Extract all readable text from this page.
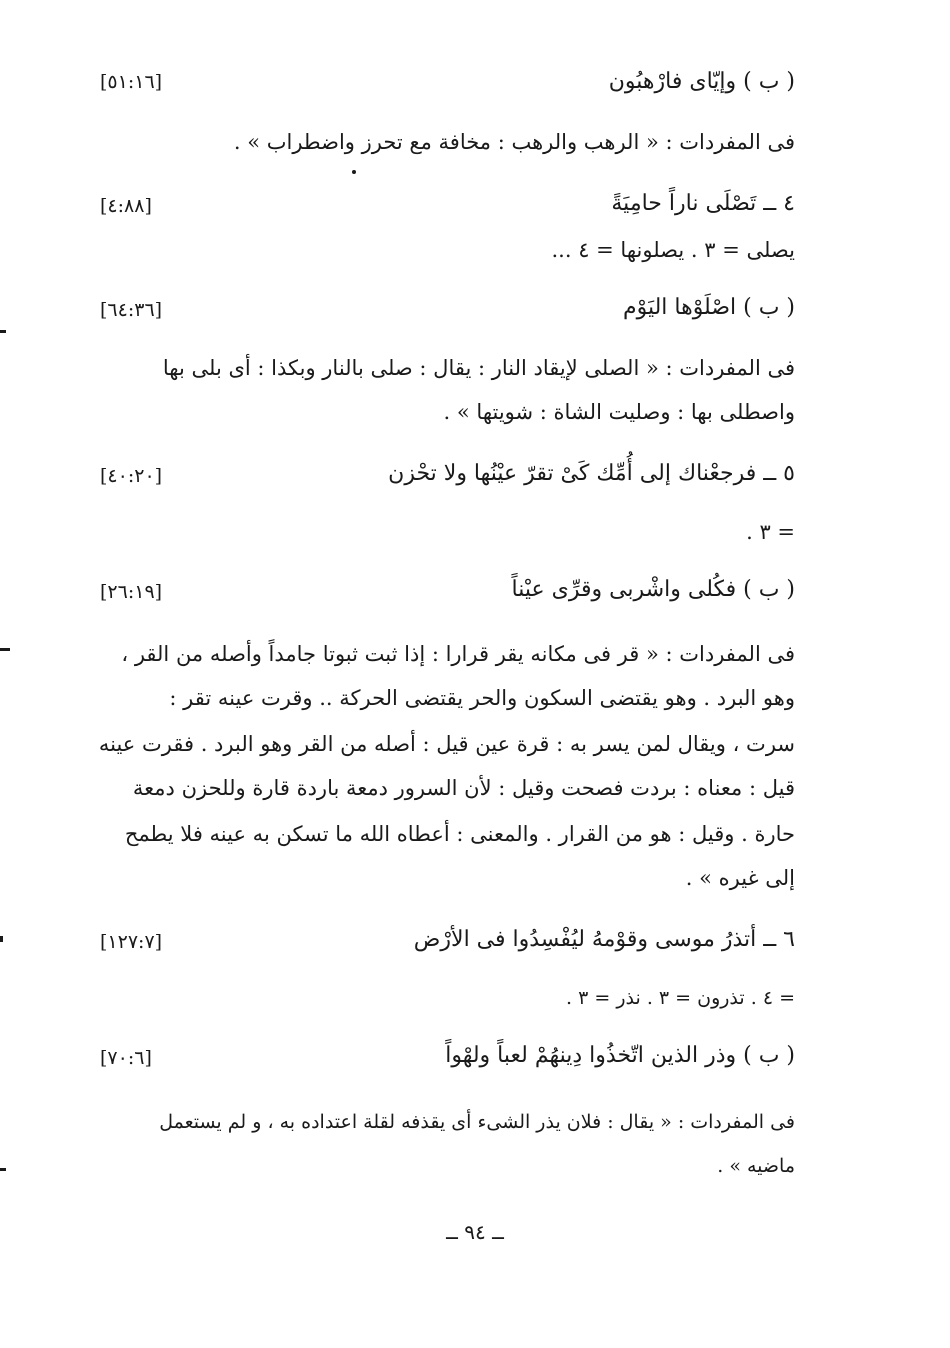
( ب ) وإيّاى فارْهبُون
[٥١:١٦]
فى المفردات : « الرهب والرهب : مخافة مع تحرز واضطراب » .
٤ ــ تَصْلَى ناراً حامِيَةً
[٤:٨٨]
يصلى = ٣ . يصلونها = ٤ ...
( ب ) اصْلَوْها اليَوْم
[٦٤:٣٦]
فى المفردات : « الصلى لإيقاد النار : يقال : صلى بالنار وبكذا : أى بلى بها
واصطلى بها : وصليت الشاة : شويتها » .
٥ ــ فرجعْناك إلى أُمِّك كَىْ تقرّ عيْنُها ولا تحْزن
[٤٠:٢٠]
= ٣ .
( ب ) فكُلى واشْربى وقرِّى عيْناً
[٢٦:١٩]
فى المفردات : « قر فى مكانه يقر قرارا : إذا ثبت ثبوتا جامداً وأصله من القر ،
وهو البرد . وهو يقتضى السكون والحر يقتضى الحركة .. وقرت عينه تقر :
سرت ، ويقال لمن يسر به : قرة عين قيل : أصله من القر وهو البرد . فقرت عينه
قيل : معناه : بردت فصحت وقيل : لأن السرور دمعة باردة قارة وللحزن دمعة
حارة . وقيل : هو من القرار . والمعنى : أعطاه الله ما تسكن به عينه فلا يطمح
إلى غيره » .
٦ ــ أتذرُ موسى وقوْمهُ ليُفْسِدُوا فى الأرْض
[١٢٧:٧]
= ٤ . تذرون = ٣ . نذر = ٣ .
( ب ) وذر الذين اتّخذُوا دِينهُمْ لعباً ولهْواً
[٧٠:٦]
فى المفردات : « يقال : فلان يذر الشىء أى يقذفه لقلة اعتداده به ، و لم يستعمل
ماضيه » .
ــ ٩٤ ــ
